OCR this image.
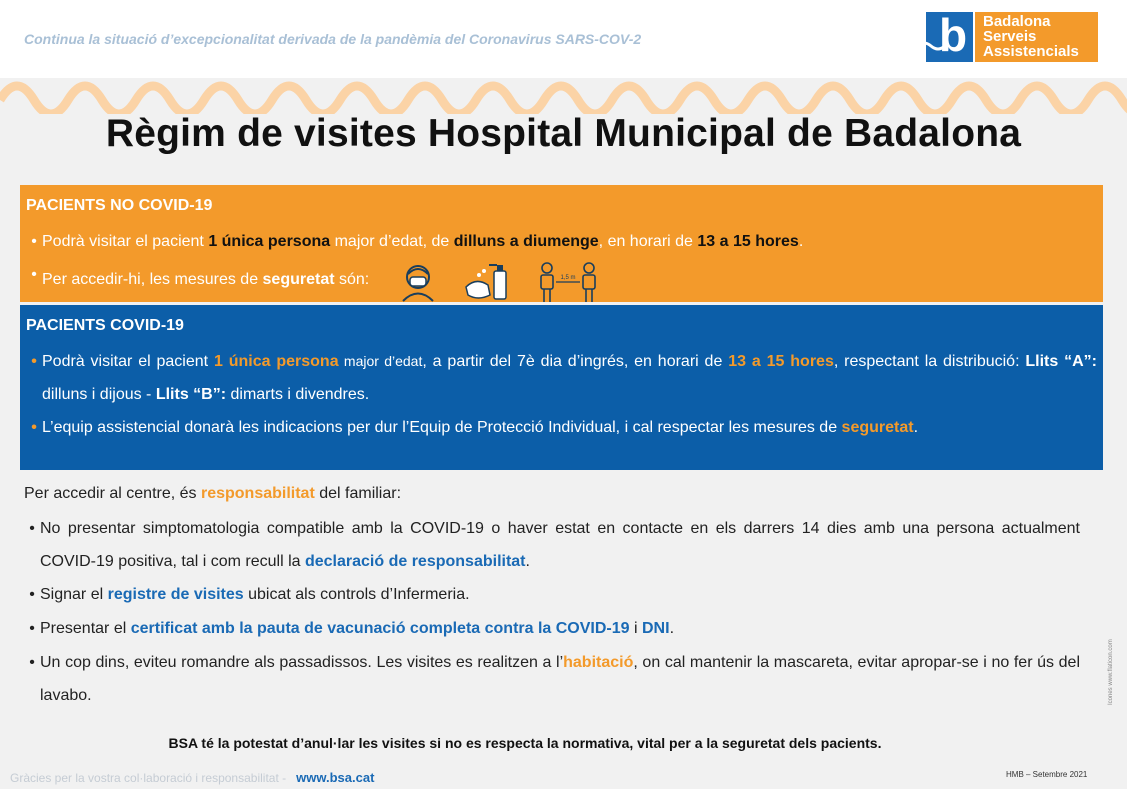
Continua la situació d’excepcionalitat derivada de la pandèmia del Coronavirus SARS-COV-2	b Badalona
Serveis
Assistencials
Règim de visites Hospital Municipal de Badalona
PACIENTS NO COVID-19
• Podrà visitar el pacient 1 única persona major d’edat, de dilluns a diumenge, en horari de 13 a 15 hores.
• Per accedir-hi, les mesures de seguretat són:	1,5 m
PACIENTS COVID-19
• Podrà visitar el pacient 1 única persona major d’edat, a partir del 7è dia d’ingrés, en horari de 13 a 15 hores, respectant la distribució: Llits “A”: dilluns i dijous - Llits “B”: dimarts i divendres.
• L’equip assistencial donarà les indicacions per dur l’Equip de Protecció Individual, i cal respectar les mesures de seguretat.
Per accedir al centre, és responsabilitat del familiar:
• No presentar simptomatologia compatible amb la COVID-19 o haver estat en contacte en els darrers 14 dies amb una persona actualment COVID-19 positiva, tal i com recull la declaració de responsabilitat.
• Signar el registre de visites ubicat als controls d’Infermeria.
• Presentar el certificat amb la pauta de vacunació completa contra la COVID-19 i DNI.
• Un cop dins, eviteu romandre als passadissos. Les visites es realitzen a l’habitació, on cal mantenir la mascareta, evitar apropar-se i no fer ús del lavabo.
BSA té la potestat d’anul·lar les visites si no es respecta la normativa, vital per a la seguretat dels pacients.
Gràcies per la vostra col·laboració i responsabilitat - www.bsa.cat	HMB – Setembre 2021
Icones www.flaticon.com
